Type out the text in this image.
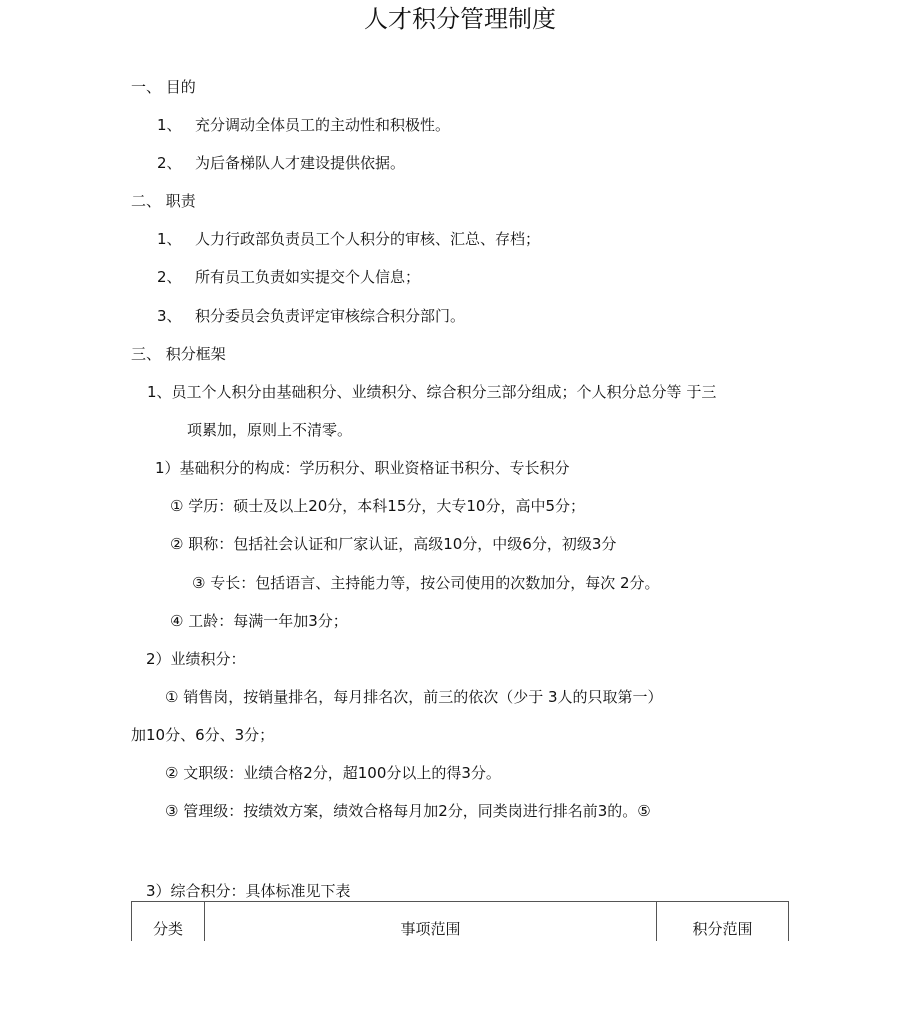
人才积分管理制度
一、 目的
1、 充分调动全体员工的主动性和积极性。
2、 为后备梯队人才建设提供依据。
二、 职责
1、 人力行政部负责员工个人积分的审核、汇总、存档；
2、 所有员工负责如实提交个人信息；
3、 积分委员会负责评定审核综合积分部门。
三、 积分框架
1、员工个人积分由基础积分、业绩积分、综合积分三部分组成；个人积分总分等 于三
项累加，原则上不清零。
1）基础积分的构成：学历积分、职业资格证书积分、专长积分
① 学历：硕士及以上20分，本科15分，大专10分，高中5分；
② 职称：包括社会认证和厂家认证，高级10分，中级6分，初级3分
③ 专长：包括语言、主持能力等，按公司使用的次数加分，每次 2分。
④ 工龄：每满一年加3分；
2）业绩积分：
① 销售岗，按销量排名，每月排名次，前三的依次（少于 3人的只取第一）
加10分、6分、3分；
② 文职级：业绩合格2分，超100分以上的得3分。
③ 管理级：按绩效方案，绩效合格每月加2分，同类岗进行排名前3的。⑤
3）综合积分：具体标准见下表
分类	事项范围	积分范围
